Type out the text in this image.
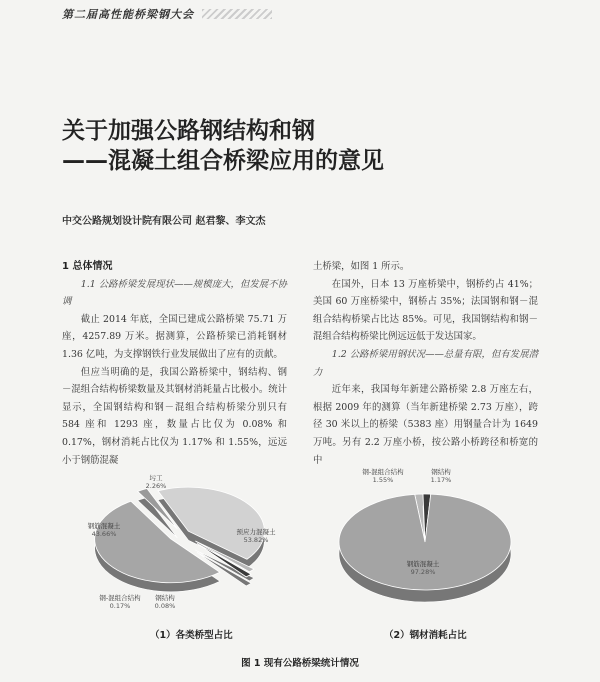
第二届高性能桥梁钢大会
关于加强公路钢结构和钢
——混凝土组合桥梁应用的意见
中交公路规划设计院有限公司 赵君黎、李文杰

1 总体情况

1.1 公路桥梁发展现状——规模庞大，但发展不协调

截止 2014 年底，全国已建成公路桥梁 75.71 万座，4257.89 万米。据测算，公路桥梁已消耗钢材 1.36 亿吨，为支撑钢铁行业发展做出了应有的贡献。

但应当明确的是，我国公路桥梁中，钢结构、钢－混组合结构桥梁数量及其钢材消耗量占比极小。统计显示，全国钢结构和钢－混组合结构桥梁分别只有 584 座和 1293 座，数量占比仅为 0.08% 和 0.17%，钢材消耗占比仅为 1.17% 和 1.55%，远远小于钢筋混凝

土桥梁，如图 1 所示。

在国外，日本 13 万座桥梁中，钢桥约占 41%；美国 60 万座桥梁中，钢桥占 35%；法国钢和钢－混组合结构桥梁占比达 85%。可见，我国钢结构和钢－混组合结构桥梁比例远远低于发达国家。

1.2 公路桥梁用钢状况——总量有限，但有发展潜力

近年来，我国每年新建公路桥梁 2.8 万座左右，根据 2009 年的测算（当年新建桥梁 2.73 万座），跨径 30 米以上的桥梁（5383 座）用钢量合计为 1649 万吨。另有 2.2 万座小桥，按公路小桥跨径和桥宽的中

圬工
2.26%
钢筋混凝土
43.66%
钢-混组合结构
0.17%
钢结构
0.08%
预应力混凝土
53.82%
钢-混组合结构
1.55%
钢结构
1.17%
钢筋混凝土
97.28%
（1）各类桥型占比	（2）钢材消耗占比
图 1 现有公路桥梁统计情况
